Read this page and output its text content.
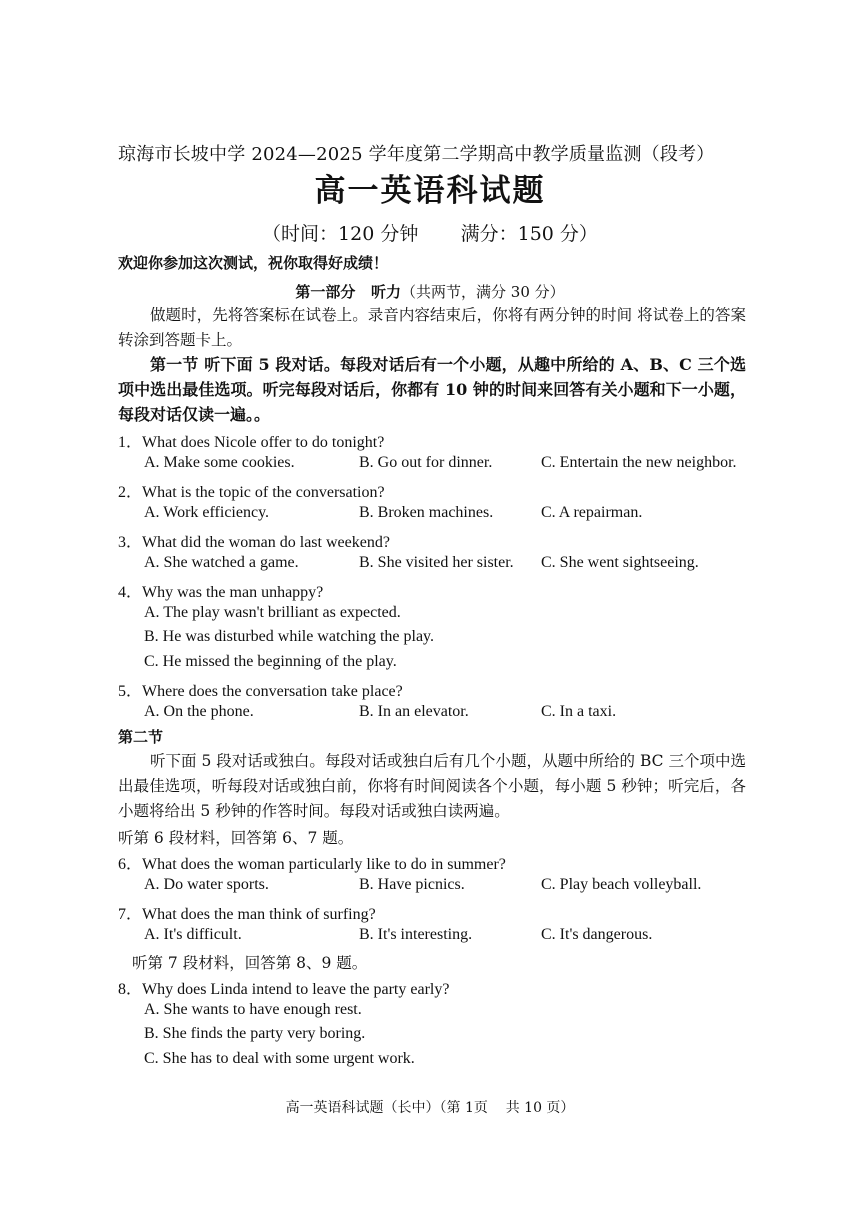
琼海市长坡中学 2024—2025 学年度第二学期高中教学质量监测（段考）
高一英语科试题
（时间：120 分钟       满分：150 分）
欢迎你参加这次测试，祝你取得好成绩！
第一部分   听力（共两节，满分 30 分）
做题时，先将答案标在试卷上。录音内容结束后，你将有两分钟的时间 将试卷上的答案转涂到答题卡上。
第一节 听下面 5 段对话。每段对话后有一个小题，从趣中所给的 A、B、C 三个选项中选出最佳选项。听完每段对话后，你都有 10 钟的时间来回答有关小题和下一小题，每段对话仅读一遍。。
1．What does Nicole offer to do tonight?
A. Make some cookies.	B. Go out for dinner.	C. Entertain the new neighbor.
2．What is the topic of the conversation?
A. Work efficiency.	B. Broken machines.	C. A repairman.
3．What did the woman do last weekend?
A. She watched a game.	B. She visited her sister. C. She went sightseeing.
4．Why was the man unhappy?
A. The play wasn't brilliant as expected.
B. He was disturbed while watching the play.
C. He missed the beginning of the play.
5．Where does the conversation take place?
A. On the phone.	B. In an elevator.	C. In a taxi.
第二节
听下面 5 段对话或独白。每段对话或独白后有几个小题，从题中所给的 BC 三个项中选出最佳选项，听每段对话或独白前，你将有时间阅读各个小题，每小题 5 秒钟；听完后，各小题将给出 5 秒钟的作答时间。每段对话或独白读两遍。
听第 6 段材料，回答第 6、7 题。
6．What does the woman particularly like to do in summer?
A. Do water sports.	B. Have picnics.	C. Play beach volleyball.
7．What does the man think of surfing?
A. It's difficult.	B. It's interesting.	C. It's dangerous.
听第 7 段材料，回答第 8、9 题。
8．Why does Linda intend to leave the party early?
A. She wants to have enough rest.
B. She finds the party very boring.
C. She has to deal with some urgent work.
高一英语科试题（长中）（第 1页    共 10 页）
